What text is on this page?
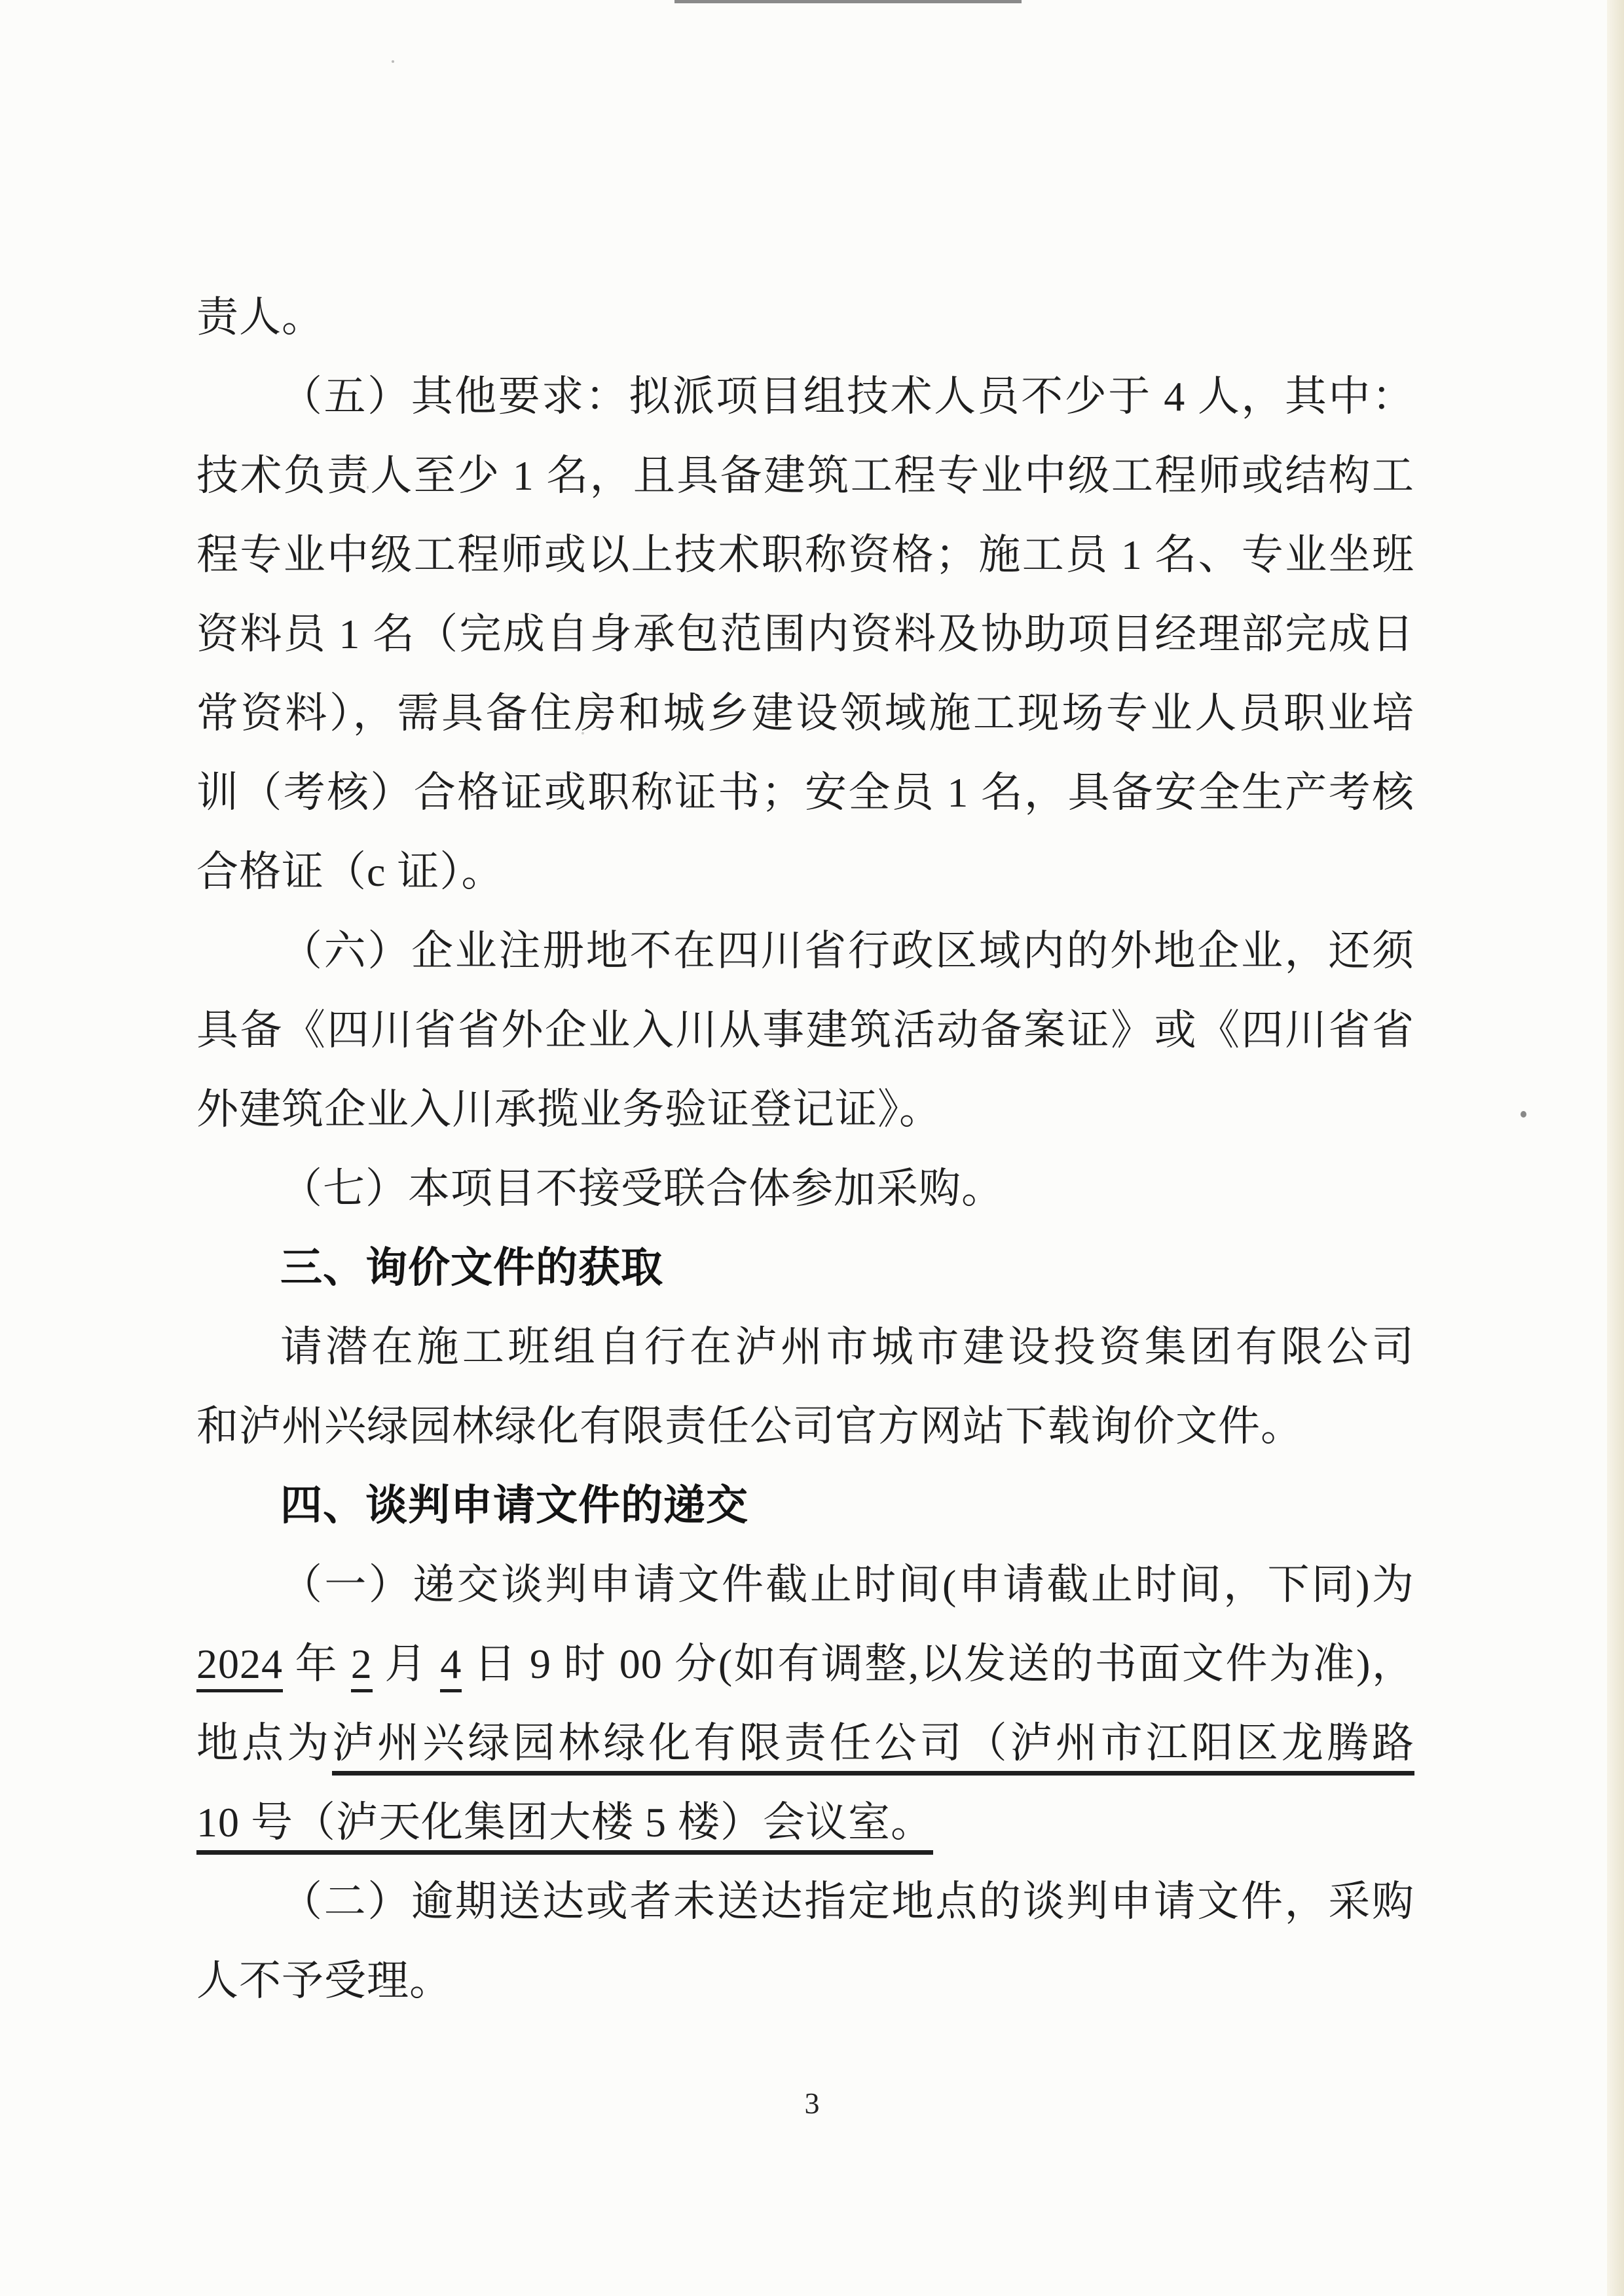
责人。

（五）其他要求：拟派项目组技术人员不少于 4 人，其中：

技术负责人至少 1 名，且具备建筑工程专业中级工程师或结构工

程专业中级工程师或以上技术职称资格；施工员 1 名、专业坐班

资料员 1 名（完成自身承包范围内资料及协助项目经理部完成日

常资料），需具备住房和城乡建设领域施工现场专业人员职业培

训（考核）合格证或职称证书；安全员 1 名，具备安全生产考核

合格证（c 证）。

（六）企业注册地不在四川省行政区域内的外地企业，还须

具备《四川省省外企业入川从事建筑活动备案证》或《四川省省

外建筑企业入川承揽业务验证登记证》。

（七）本项目不接受联合体参加采购。

三、询价文件的获取

请潜在施工班组自行在泸州市城市建设投资集团有限公司

和泸州兴绿园林绿化有限责任公司官方网站下载询价文件。

四、谈判申请文件的递交

（一）递交谈判申请文件截止时间(申请截止时间，下同)为

2024 年 2 月 4 日 9 时 00 分(如有调整,以发送的书面文件为准)，

地点为泸州兴绿园林绿化有限责任公司（泸州市江阳区龙腾路

10 号（泸天化集团大楼 5 楼）会议室。

（二）逾期送达或者未送达指定地点的谈判申请文件，采购

人不予受理。

3
